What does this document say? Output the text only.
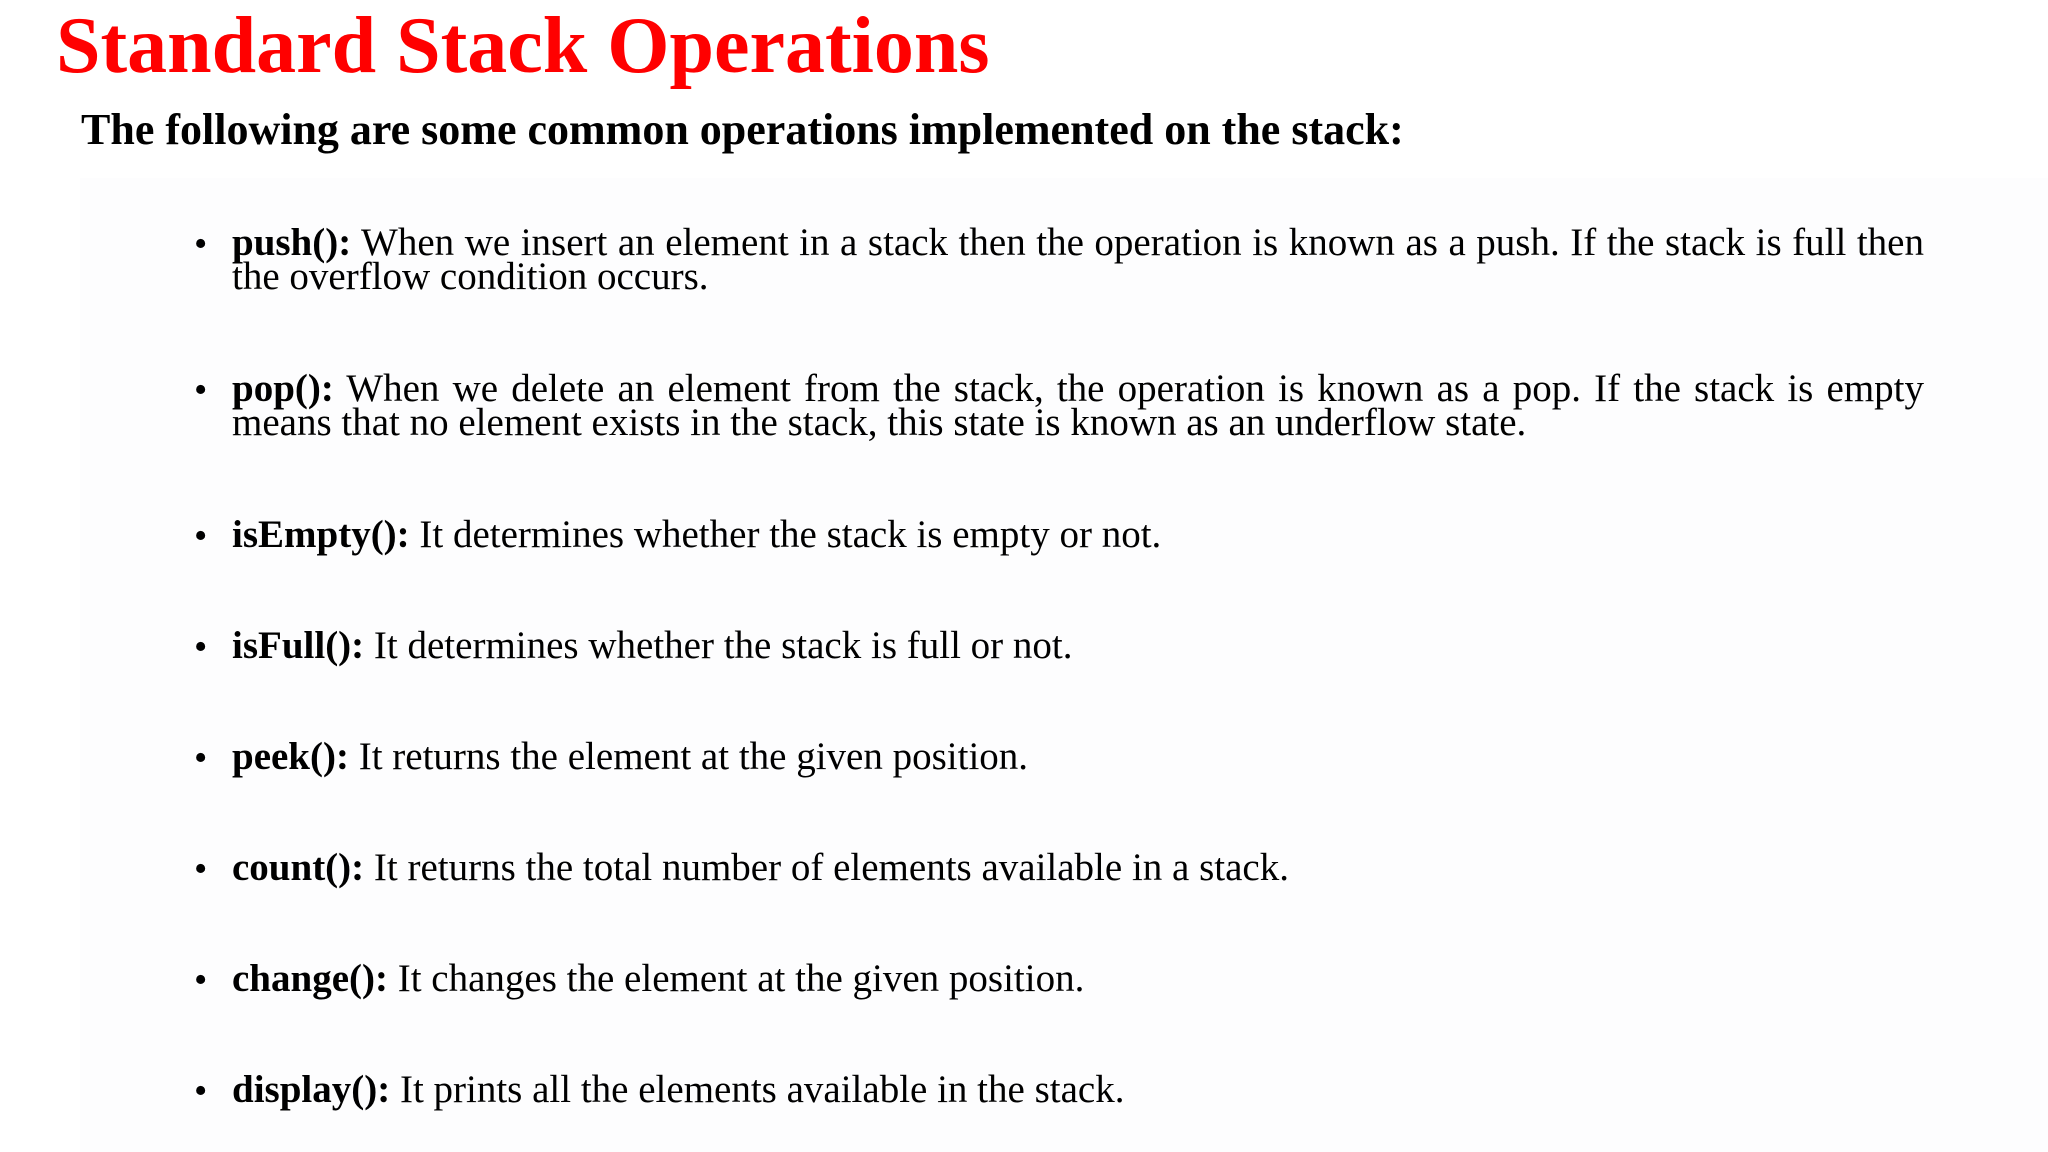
Standard Stack Operations
The following are some common operations implemented on the stack:
• push(): When we insert an element in a stack then the operation is known as a push. If the stack is full then the overflow condition occurs.
• pop(): When we delete an element from the stack, the operation is known as a pop. If the stack is empty means that no element exists in the stack, this state is known as an underflow state.
• isEmpty(): It determines whether the stack is empty or not.
• isFull(): It determines whether the stack is full or not.
• peek(): It returns the element at the given position.
• count(): It returns the total number of elements available in a stack.
• change(): It changes the element at the given position.
• display(): It prints all the elements available in the stack.
